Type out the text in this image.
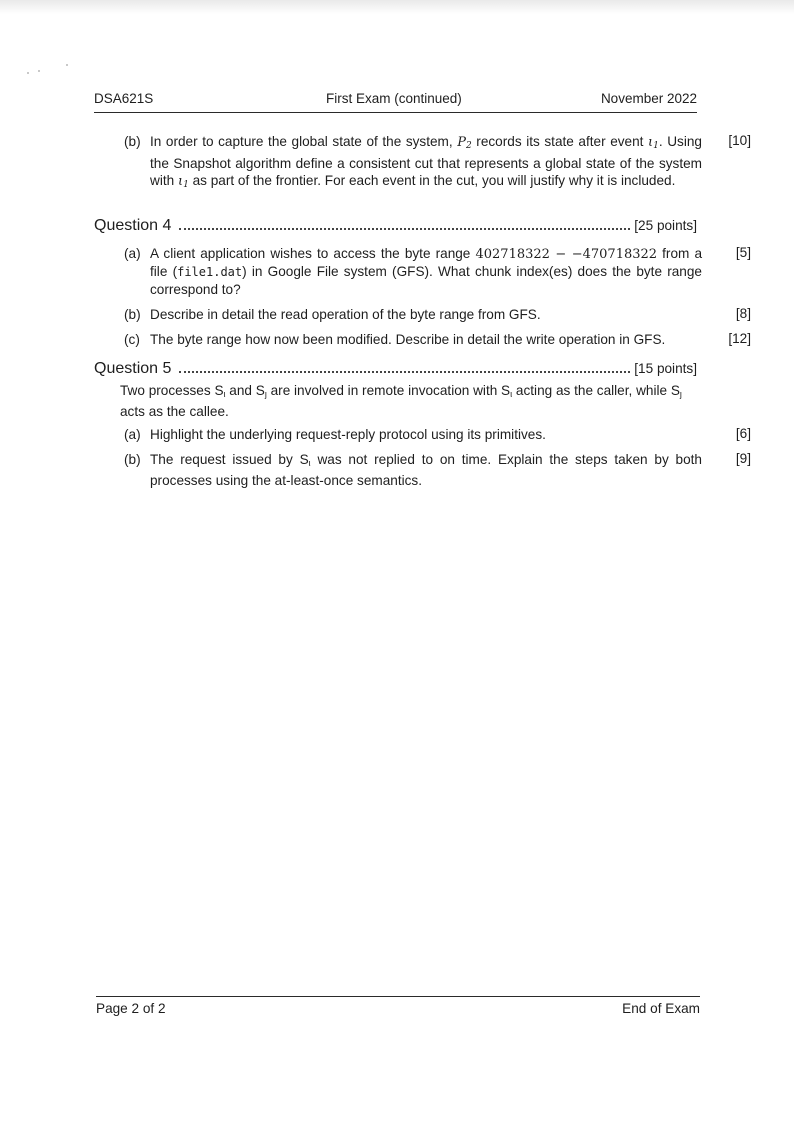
DSA621S	First Exam (continued)	November 2022
(b) In order to capture the global state of the system, $P_2$ records its state after event $\iota_1$. Using the Snapshot algorithm define a consistent cut that represents a global state of the system with $\iota_1$ as part of the frontier. For each event in the cut, you will justify why it is included.
[10]
Question 4	[25 points]
(a) A client application wishes to access the byte range 402718322 − −470718322 from a file (file1.dat) in Google File system (GFS). What chunk index(es) does the byte range correspond to?
[5]
(b) Describe in detail the read operation of the byte range from GFS.	[8]
(c) The byte range how now been modified. Describe in detail the write operation in GFS.	[12]
Question 5	[15 points]
Two processes $S_\iota$ and $S_ȷ$ are involved in remote invocation with $S_\iota$ acting as the caller, while $S_ȷ$ acts as the callee.
(a) Highlight the underlying request-reply protocol using its primitives.	[6]
(b) The request issued by $S_\iota$ was not replied to on time. Explain the steps taken by both processes using the at-least-once semantics.
[9]
Page 2 of 2	End of Exam
